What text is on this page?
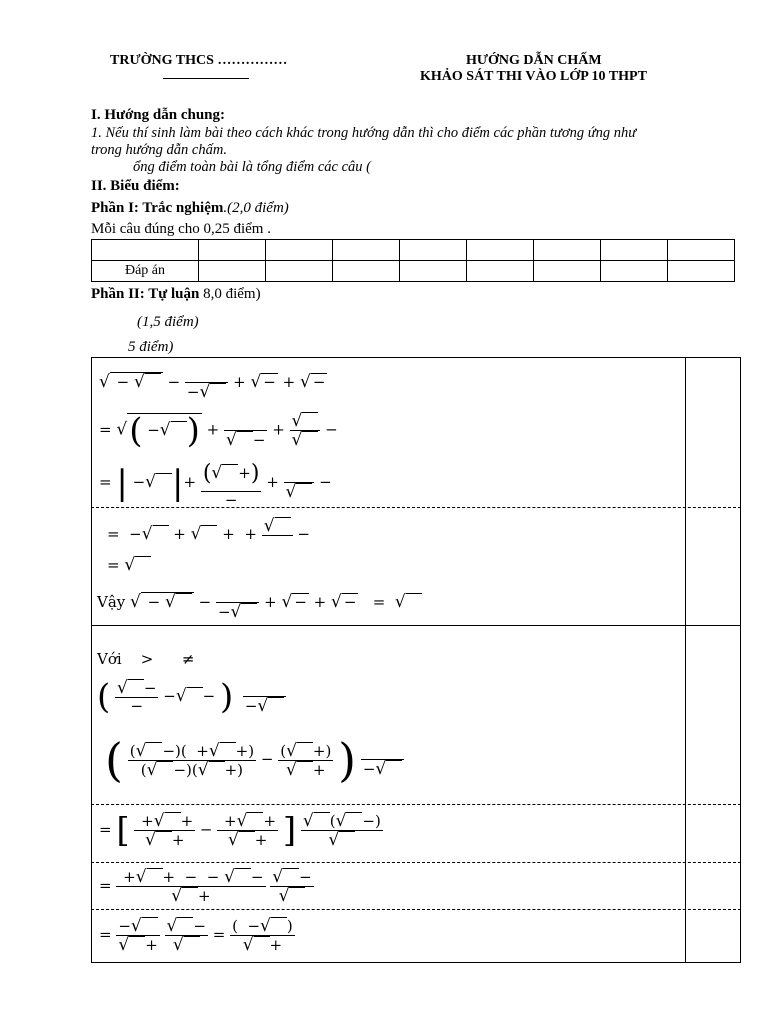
TRƯỜNG THCS ……………	HƯỚNG DẪN CHẤM
KHẢO SÁT THI VÀO LỚP 10 THPT
I. Hướng dẫn chung:
1. Nếu thí sinh làm bài theo cách khác trong hướng dẫn thì cho điểm các phần tương ứng như
trong hướng dẫn chấm.
ổng điểm toàn bài là tổng điểm các câu (
II. Biểu điểm:
Phần I: Trắc nghiệm.(2,0 điểm)
Mỗi câu đúng cho 0,25 điểm .

Đáp án								
Phần II: Tự luận 8,0 điểm)
(1,5 điểm)
5 điểm)
√ − √  −

−√	+ √ − + √ −
= √( −√ ) +
√ −
+ $\frac{√}{√}$ −
= | −√ |+ $\frac{(√ +)}{-}$ +
√	−
=  −√  + √  +  + √
	−
= √
Vậy √ − √  −

−√	+ √ − + √ −   =  √
Với    >      ≠
( $\frac{√ -}{-}$ −√ − )
−√
( $\frac{(√ -)( +√ +)}{(√ -)(√ +)} - \frac{(√ +)}{√ +}$ )
−√
= [ $\frac{+√ +}{√ +} - \frac{+√ +}{√ +}$ ] $\frac{√ (√ -)}{√}$
= $\frac{+√ + - - √ -}{√ +}$
$\frac{√ -}{√}$
= $\frac{-√}{√ +}$
$\frac{√ -}{√} = \frac{( -√ )}{√ +}$
